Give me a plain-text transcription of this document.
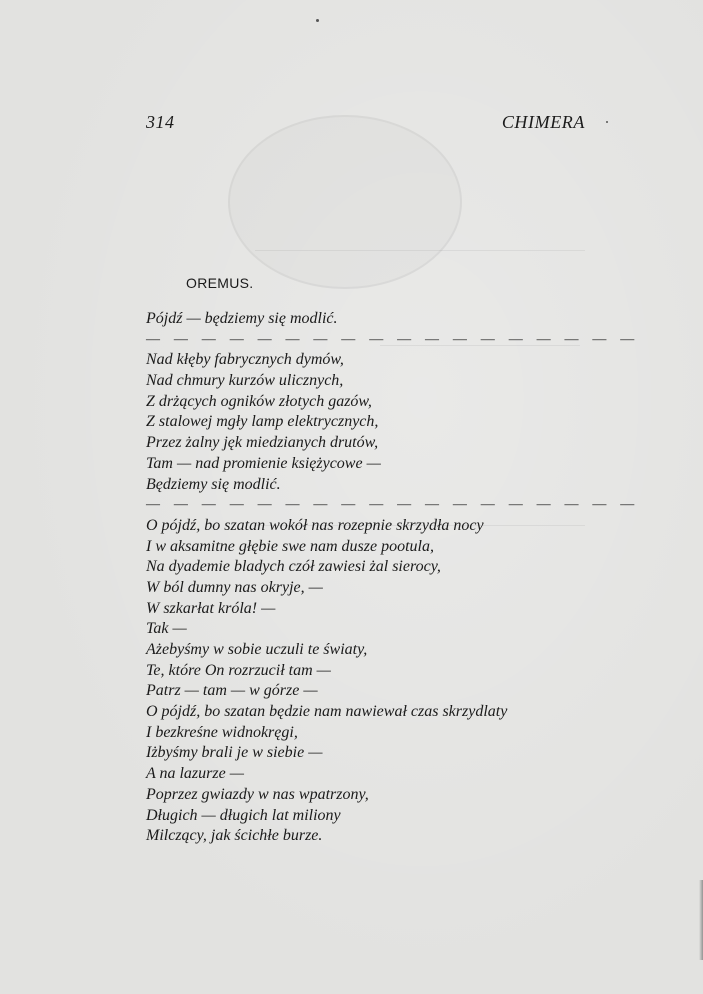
314	CHIMERA
OREMUS.
Pójdź — będziemy się modlić.
— — — — — — — — — — — — — — — — — —
Nad kłęby fabrycznych dymów,
Nad chmury kurzów ulicznych,
Z drżących ogników złotych gazów,
Z stalowej mgły lamp elektrycznych,
Przez żalny jęk miedzianych drutów,
Tam — nad promienie księżycowe —
Będziemy się modlić.
— — — — — — — — — — — — — — — — — —
O pójdź, bo szatan wokół nas rozepnie skrzydła nocy
I w aksamitne głębie swe nam dusze pootula,
Na dyademie bladych czół zawiesi żal sierocy,
W ból dumny nas okryje, —
W szkarłat króla! —
Tak —
Ażebyśmy w sobie uczuli te światy,
Te, które On rozrzucił tam —
Patrz — tam — w górze —
O pójdź, bo szatan będzie nam nawiewał czas skrzydlaty
I bezkreśne widnokręgi,
Iżbyśmy brali je w siebie —
A na lazurze —
Poprzez gwiazdy w nas wpatrzony,
Długich — długich lat miliony
Milczący, jak ścichłe burze.
